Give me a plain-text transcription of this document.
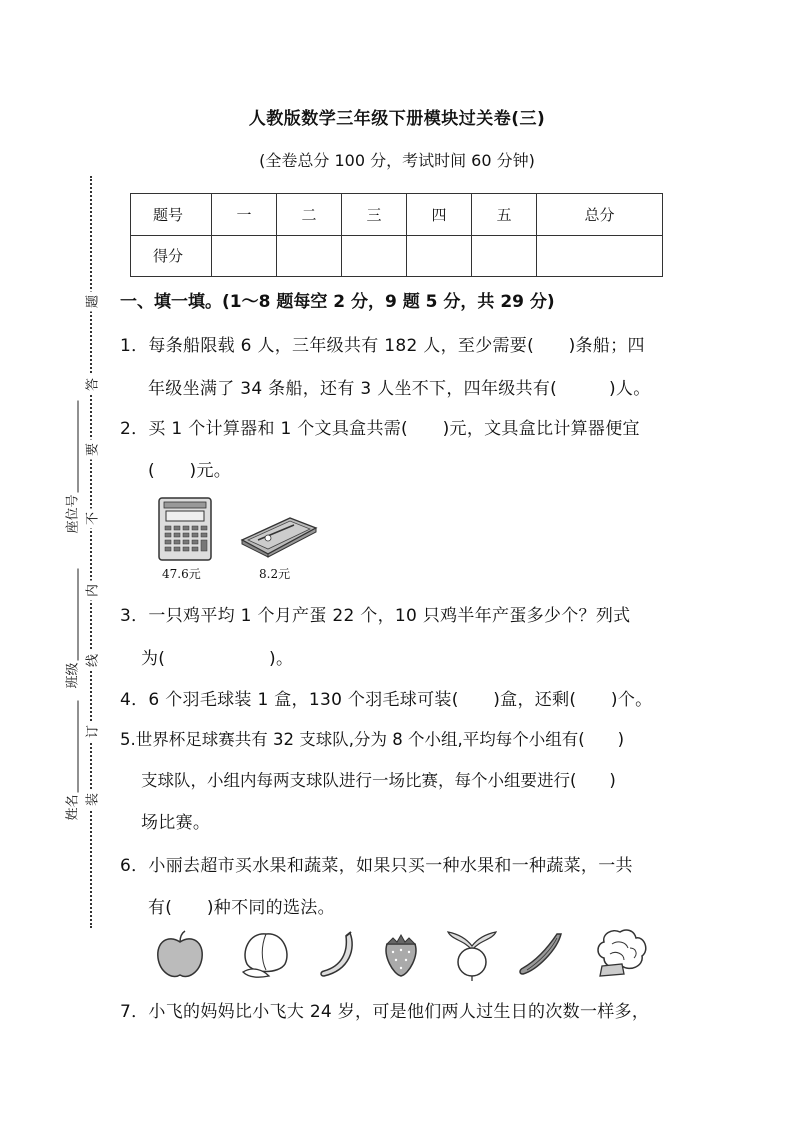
人教版数学三年级下册模块过关卷(三)
(全卷总分 100 分，考试时间 60 分钟)
题号	一	二	三	四	五	总分
得分						
题
答
要
不
内
线
订
装
座位号
班级
姓名
一、填一填。(1～8 题每空 2 分，9 题 5 分，共 29 分)
1．每条船限载 6 人，三年级共有 182 人，至少需要(　　)条船；四
年级坐满了 34 条船，还有 3 人坐不下，四年级共有(　　　)人。
2．买 1 个计算器和 1 个文具盒共需(　　)元，文具盒比计算器便宜
(　　)元。
47.6元	8.2元
3．一只鸡平均 1 个月产蛋 22 个，10 只鸡半年产蛋多少个？列式
为(　　　　　　)。
4．6 个羽毛球装 1 盒，130 个羽毛球可装(　　)盒，还剩(　　)个。
5.世界杯足球赛共有 32 支球队,分为 8 个小组,平均每个小组有(　　)
支球队，小组内每两支球队进行一场比赛，每个小组要进行(　　)
场比赛。
6．小丽去超市买水果和蔬菜，如果只买一种水果和一种蔬菜，一共
有(　　)种不同的选法。
7．小飞的妈妈比小飞大 24 岁，可是他们两人过生日的次数一样多，
